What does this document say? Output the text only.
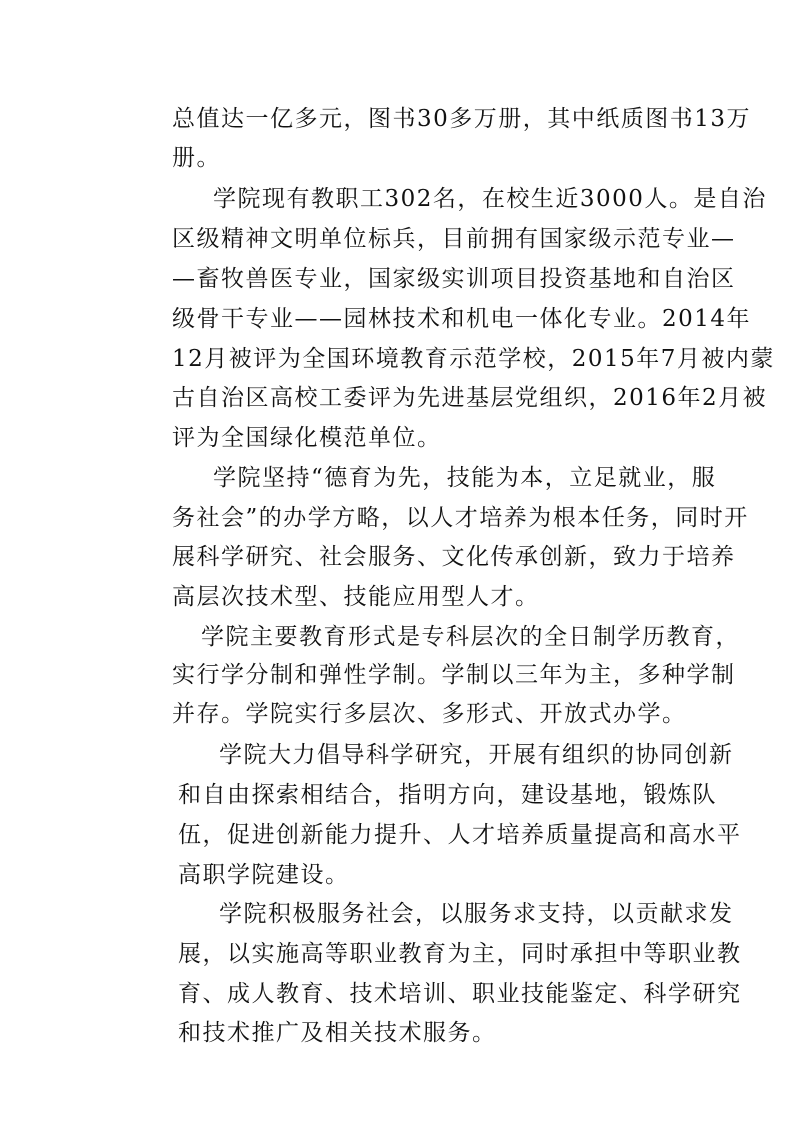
总值达一亿多元，图书30多万册，其中纸质图书13万
册。
学院现有教职工302名，在校生近3000人。是自治
区级精神文明单位标兵，目前拥有国家级示范专业—
—畜牧兽医专业，国家级实训项目投资基地和自治区
级骨干专业——园林技术和机电一体化专业。2014年
12月被评为全国环境教育示范学校，2015年7月被内蒙
古自治区高校工委评为先进基层党组织，2016年2月被
评为全国绿化模范单位。
学院坚持“德育为先，技能为本，立足就业，服
务社会”的办学方略，以人才培养为根本任务，同时开
展科学研究、社会服务、文化传承创新，致力于培养
高层次技术型、技能应用型人才。
学院主要教育形式是专科层次的全日制学历教育，
实行学分制和弹性学制。学制以三年为主，多种学制
并存。学院实行多层次、多形式、开放式办学。
学院大力倡导科学研究，开展有组织的协同创新
和自由探索相结合，指明方向，建设基地，锻炼队
伍，促进创新能力提升、人才培养质量提高和高水平
高职学院建设。
学院积极服务社会，以服务求支持，以贡献求发
展，以实施高等职业教育为主，同时承担中等职业教
育、成人教育、技术培训、职业技能鉴定、科学研究
和技术推广及相关技术服务。
